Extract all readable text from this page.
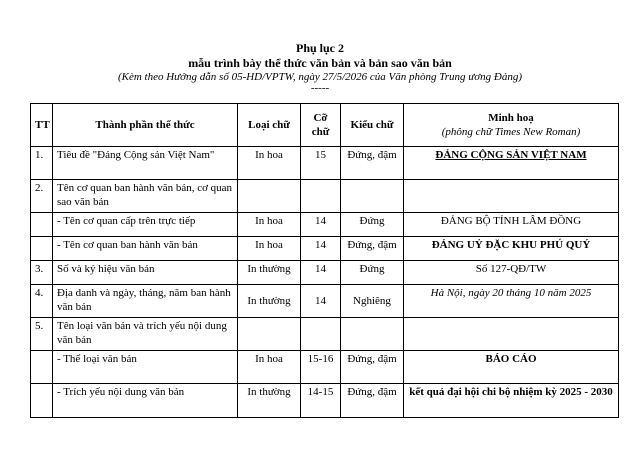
Phụ lục 2
mẫu trình bày thể thức văn bản và bản sao văn bản
(Kèm theo Hướng dẫn số 05-HD/VPTW, ngày 27/5/2026 của Văn phòng Trung ương Đảng)
-----
TT	Thành phần thể thức	Loại chữ	Cỡ chữ	Kiểu chữ	Minh hoạ
(phông chữ Times New Roman)

1.	Tiêu đề "Đảng Cộng sản Việt Nam"	In hoa	15	Đứng, đậm	ĐẢNG CỘNG SẢN VIỆT NAM
2.	Tên cơ quan ban hành văn bản, cơ quan sao văn bản				
	- Tên cơ quan cấp trên trực tiếp	In hoa	14	Đứng	ĐẢNG BỘ TỈNH LÂM ĐỒNG
	- Tên cơ quan ban hành văn bản	In hoa	14	Đứng, đậm	ĐẢNG UỶ ĐẶC KHU PHÚ QUÝ
3.	Số và ký hiệu văn bản	In thường	14	Đứng	Số 127-QĐ/TW
4.	Địa danh và ngày, tháng, năm ban hành văn bản	In thường	14	Nghiêng	Hà Nội, ngày 20 tháng 10 năm 2025
5.	Tên loại văn bản và trích yếu nội dung văn bản				
	- Thể loại văn bản	In hoa	15-16	Đứng, đậm	BÁO CÁO
	- Trích yếu nội dung văn bản	In thường	14-15	Đứng, đậm	kết quả đại hội chi bộ nhiệm kỳ 2025 - 2030
